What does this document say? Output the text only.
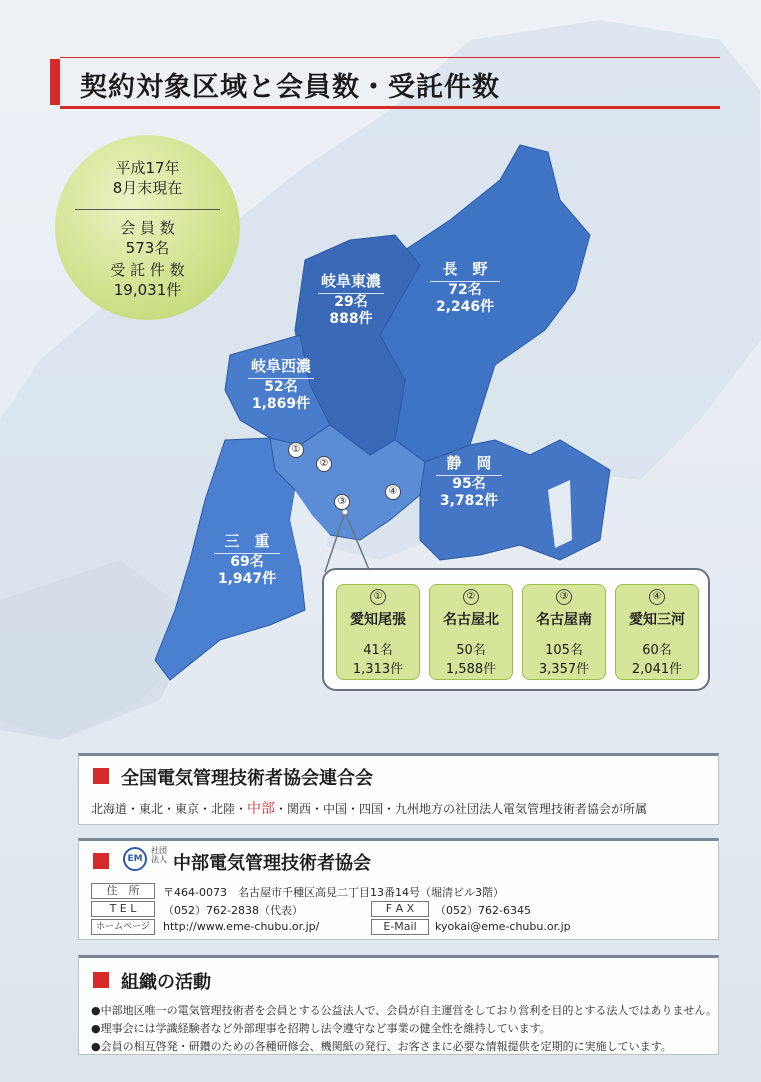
契約対象区域と会員数・受託件数
岐阜東濃
29名
888件
長　野
72名
2,246件
岐阜西濃
52名
1,869件
静　岡
95名
3,782件
三　重
69名
1,947件
①
②
③
④
平成17年
8月末現在
会 員 数
573名
受 託 件 数
19,031件
①
愛知尾張
41名
1,313件
②
名古屋北
50名
1,588件
③
名古屋南
105名
3,357件
④
愛知三河
60名
2,041件
全国電気管理技術者協会連合会
北海道・東北・東京・北陸・中部・関西・中国・四国・九州地方の社団法人電気管理技術者協会が所属
EM
社団
法人 中部電気管理技術者協会
住　所	〒464-0073　名古屋市千種区高見二丁目13番14号（堀清ビル3階）
T E L	（052）762-2838（代表）	F A X	（052）762-6345
ホームページ	http://www.eme-chubu.or.jp/	E-Mail	kyokai@eme-chubu.or.jp
組織の活動
●中部地区唯一の電気管理技術者を会員とする公益法人で、会員が自主運営をしており営利を目的とする法人ではありません。
●理事会には学識経験者など外部理事を招聘し法令遵守など事業の健全性を維持しています。
●会員の相互啓発・研鑽のための各種研修会、機関紙の発行、お客さまに必要な情報提供を定期的に実施しています。
